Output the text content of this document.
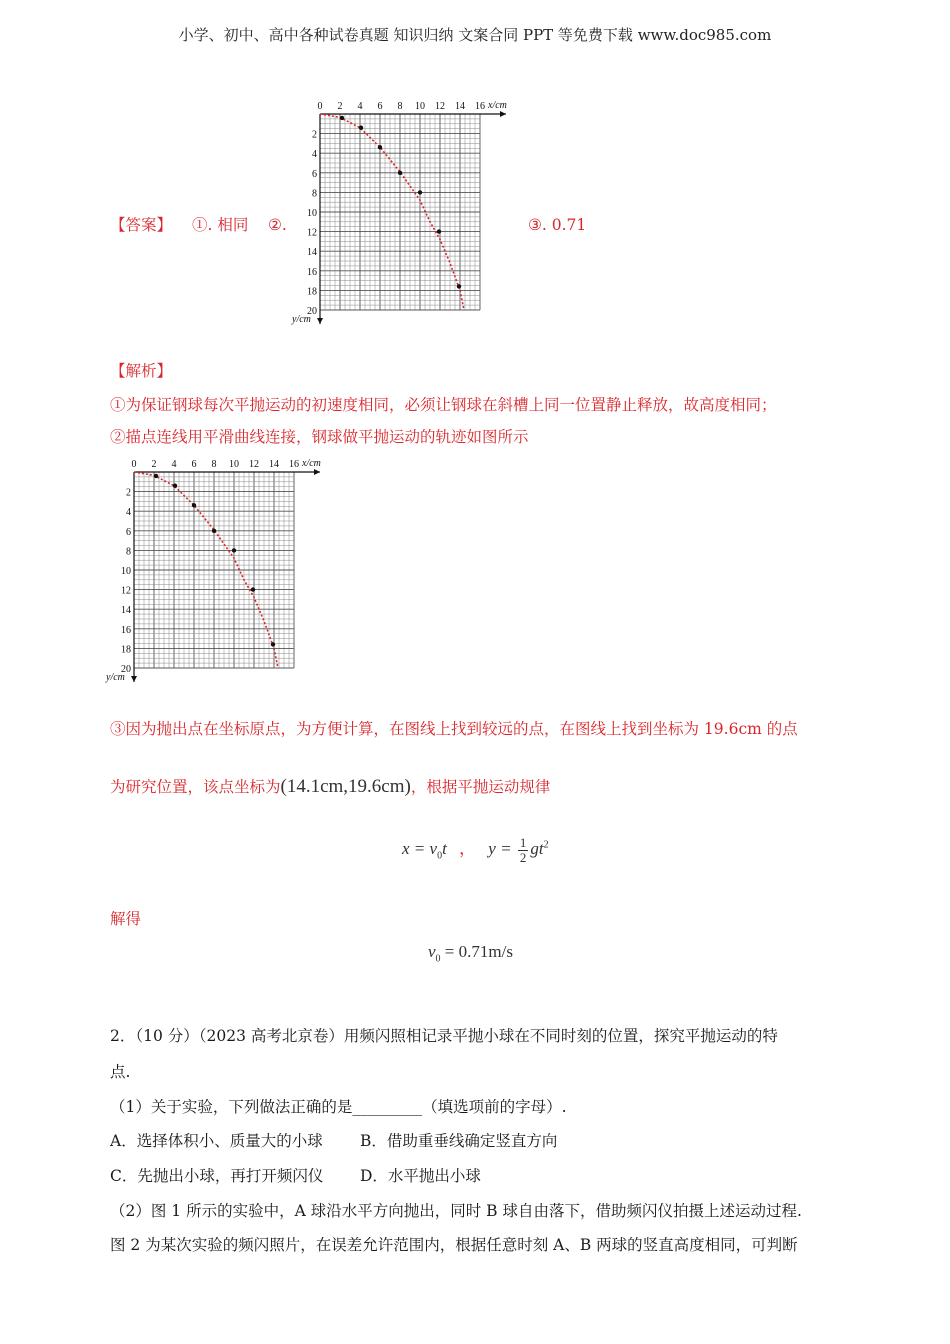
小学、初中、高中各种试卷真题 知识归纳 文案合同 PPT 等免费下载 www.doc985.com
【答案】 ①. 相同 ②.	③. 0.71
0 2 4 6 8 10 12 14 16
2
4
6
8
10
12
14
16
18
20
x/cm
y/cm
【解析】
①为保证钢球每次平抛运动的初速度相同，必须让钢球在斜槽上同一位置静止释放，故高度相同；
②描点连线用平滑曲线连接，钢球做平抛运动的轨迹如图所示
0 2 4 6 8 10 12 14 16
2
4
6
8
10
12
14
16
18
20
x/cm
y/cm
③因为抛出点在坐标原点，为方便计算，在图线上找到较远的点，在图线上找到坐标为 19.6cm 的点
为研究位置，该点坐标为(14.1cm,19.6cm)，根据平抛运动规律
$x = v_0t$ ， $y = \frac{1}{2} gt^2$
解得
$v_0 = 0.71m/s$
2．（10 分）（2023 高考北京卷）用频闪照相记录平抛小球在不同时刻的位置，探究平抛运动的特
点.
（1）关于实验，下列做法正确的是_________（填选项前的字母）.
A．选择体积小、质量大的小球 B．借助重垂线确定竖直方向
C．先抛出小球，再打开频闪仪 D．水平抛出小球
（2）图 1 所示的实验中，A 球沿水平方向抛出，同时 B 球自由落下，借助频闪仪拍摄上述运动过程.
图 2 为某次实验的频闪照片，在误差允许范围内，根据任意时刻 A、B 两球的竖直高度相同，可判断
